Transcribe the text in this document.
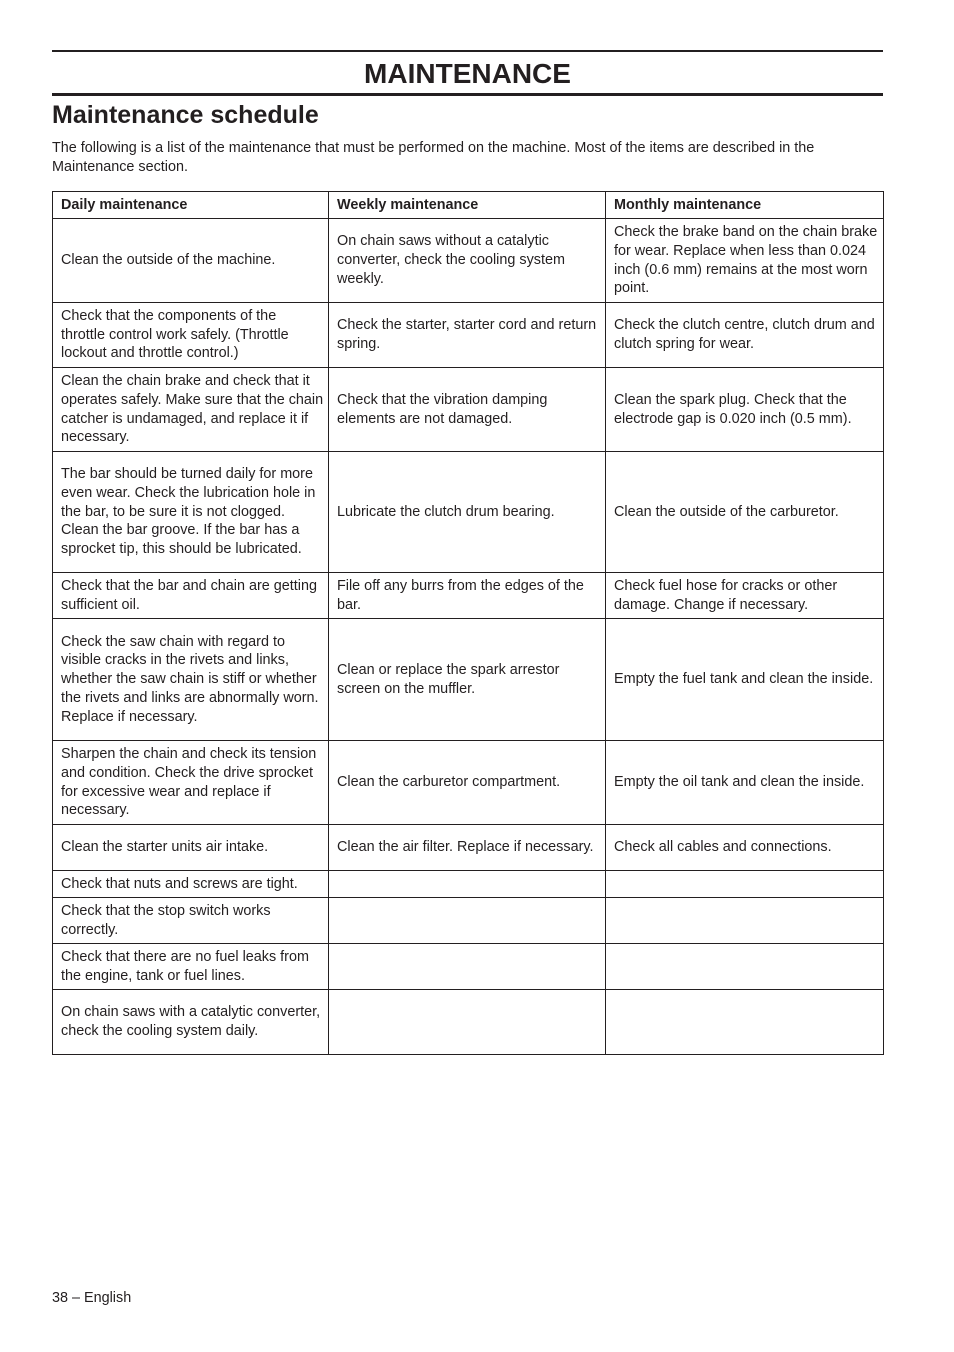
MAINTENANCE
Maintenance schedule

The following is a list of the maintenance that must be performed on the machine. Most of the items are described in the Maintenance section.

Daily maintenance	Weekly maintenance	Monthly maintenance
Clean the outside of the machine.	On chain saws without a catalytic converter, check the cooling system weekly.	Check the brake band on the chain brake for wear. Replace when less than 0.024 inch (0.6 mm) remains at the most worn point.
Check that the components of the throttle control work safely. (Throttle lockout and throttle control.)	Check the starter, starter cord and return spring.	Check the clutch centre, clutch drum and clutch spring for wear.
Clean the chain brake and check that it operates safely. Make sure that the chain catcher is undamaged, and replace it if necessary.	Check that the vibration damping elements are not damaged.	Clean the spark plug. Check that the electrode gap is 0.020 inch (0.5 mm).
The bar should be turned daily for more even wear. Check the lubrication hole in the bar, to be sure it is not clogged. Clean the bar groove. If the bar has a sprocket tip, this should be lubricated.	Lubricate the clutch drum bearing.	Clean the outside of the carburetor.
Check that the bar and chain are getting sufficient oil.	File off any burrs from the edges of the bar.	Check fuel hose for cracks or other damage. Change if necessary.
Check the saw chain with regard to visible cracks in the rivets and links, whether the saw chain is stiff or whether the rivets and links are abnormally worn. Replace if necessary.	Clean or replace the spark arrestor screen on the muffler.	Empty the fuel tank and clean the inside.
Sharpen the chain and check its tension and condition. Check the drive sprocket for excessive wear and replace if necessary.	Clean the carburetor compartment.	Empty the oil tank and clean the inside.
Clean the starter units air intake.	Clean the air filter. Replace if necessary.	Check all cables and connections.
Check that nuts and screws are tight.		
Check that the stop switch works correctly.		
Check that there are no fuel leaks from the engine, tank or fuel lines.		
On chain saws with a catalytic converter, check the cooling system daily.		

38 – English
